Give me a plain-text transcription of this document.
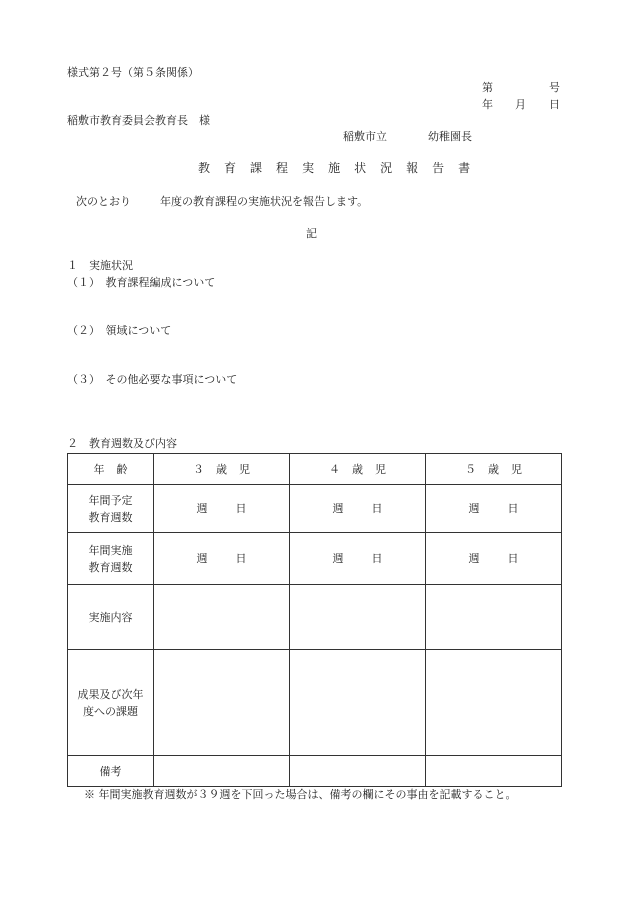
様式第２号（第５条関係）
第	号
年 月 日
稲敷市教育委員会教育長　様
稲敷市立	幼稚園長
教 育 課 程 実 施 状 況 報 告 書
次のとおり	年度の教育課程の実施状況を報告します。
記
１　実施状況
（１）　教育課程編成について
（２）　領域について
（３）　その他必要な事項について
２　教育週数及び内容
年 齢	３ 歳 児	４ 歳 児	５ 歳 児

年間予定
教育週数	週 日	週 日	週 日

年間実施
教育週数	週 日	週 日	週 日
実施内容			

成果及び次年
度への課題			

備考			
※ 年間実施教育週数が３９週を下回った場合は、備考の欄にその事由を記載すること。
